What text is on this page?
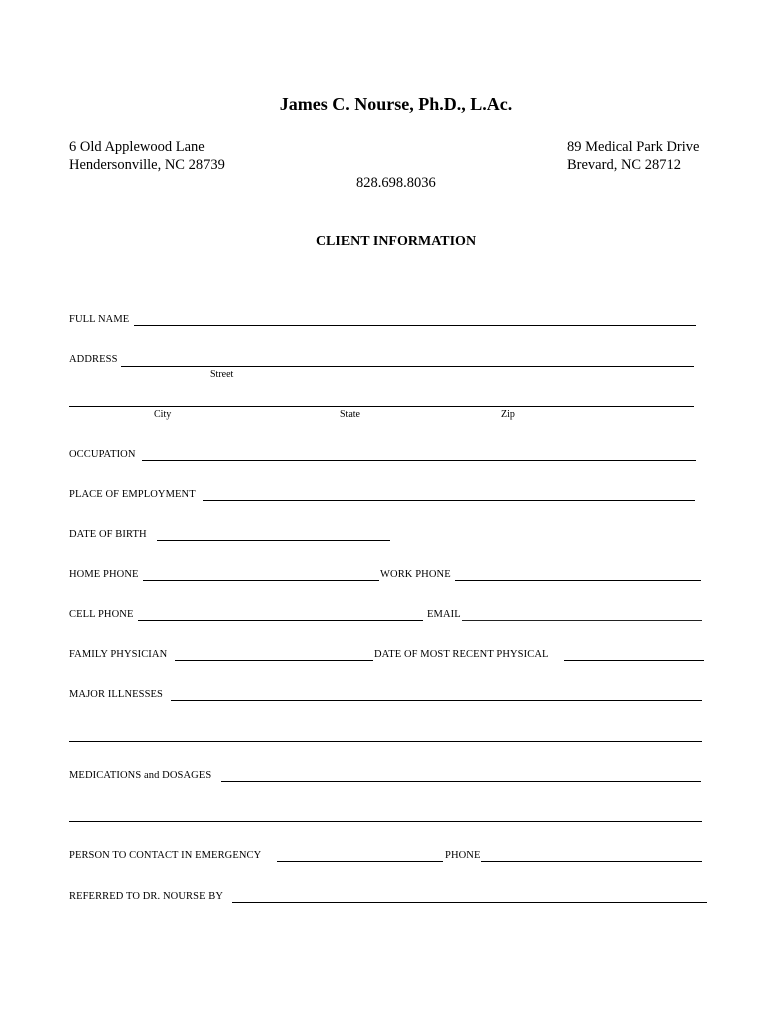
James C. Nourse, Ph.D., L.Ac.
6 Old Applewood Lane
Hendersonville, NC 28739
89 Medical Park Drive
Brevard, NC 28712
828.698.8036
CLIENT INFORMATION
FULL NAME
ADDRESS
Street
City	State	Zip
OCCUPATION
PLACE OF EMPLOYMENT
DATE OF BIRTH
HOME PHONE	WORK PHONE
CELL PHONE	EMAIL
FAMILY PHYSICIAN	DATE OF MOST RECENT PHYSICAL
MAJOR ILLNESSES
MEDICATIONS and DOSAGES
PERSON TO CONTACT IN EMERGENCY	PHONE
REFERRED TO DR. NOURSE BY
